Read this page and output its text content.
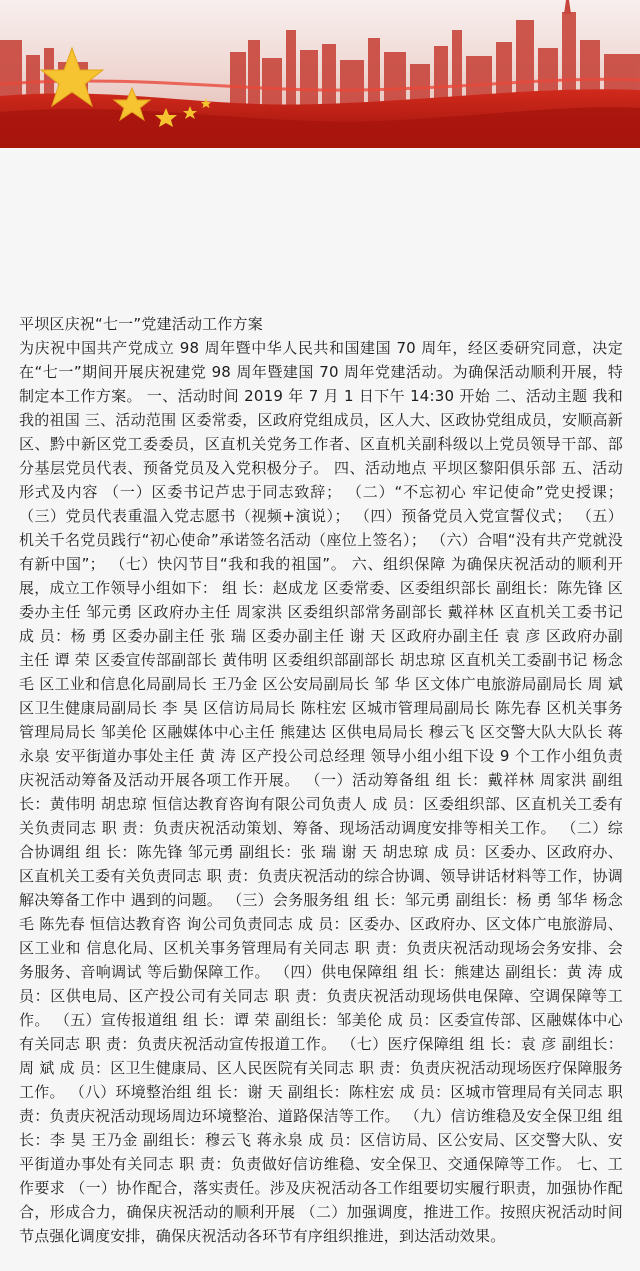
平坝区庆祝“七一”党建活动工作方案

为庆祝中国共产党成立 98 周年暨中华人民共和国建国 70 周年，经区委研究同意，决定在“七一”期间开展庆祝建党 98 周年暨建国 70 周年党建活动。为确保活动顺利开展，特制定本工作方案。 一、活动时间 2019 年 7 月 1 日下午 14:30 开始 二、活动主题 我和我的祖国 三、活动范围 区委常委，区政府党组成员，区人大、区政协党组成员，安顺高新区、黔中新区党工委委员，区直机关党务工作者、区直机关副科级以上党员领导干部、部分基层党员代表、预备党员及入党积极分子。 四、活动地点 平坝区黎阳俱乐部 五、活动形式及内容 （一）区委书记芦忠于同志致辞； （二）“不忘初心 牢记使命”党史授课； （三）党员代表重温入党志愿书（视频+演说）； （四）预备党员入党宣誓仪式； （五）机关千名党员践行“初心使命”承诺签名活动（座位上签名）； （六）合唱“没有共产党就没有新中国”； （七）快闪节目“我和我的祖国”。 六、组织保障 为确保庆祝活动的顺利开展，成立工作领导小组如下： 组 长：赵成龙 区委常委、区委组织部长 副组长：陈先锋 区委办主任 邹元勇 区政府办主任 周家洪 区委组织部常务副部长 戴祥林 区直机关工委书记 成 员：杨 勇 区委办副主任 张 瑞 区委办副主任 谢 天 区政府办副主任 袁 彦 区政府办副主任 谭 荣 区委宣传部副部长 黄伟明 区委组织部副部长 胡忠琼 区直机关工委副书记 杨念毛 区工业和信息化局副局长 王乃金 区公安局副局长 邹 华 区文体广电旅游局副局长 周 斌 区卫生健康局副局长 李 昊 区信访局局长 陈柱宏 区城市管理局副局长 陈先春 区机关事务管理局局长 邹美伦 区融媒体中心主任 熊建达 区供电局局长 穆云飞 区交警大队大队长 蒋永泉 安平街道办事处主任 黄 涛 区产投公司总经理 领导小组小组下设 9 个工作小组负责庆祝活动筹备及活动开展各项工作开展。 （一）活动筹备组 组 长：戴祥林 周家洪 副组长：黄伟明 胡忠琼 恒信达教育咨询有限公司负责人 成 员：区委组织部、区直机关工委有关负责同志 职 责：负责庆祝活动策划、筹备、现场活动调度安排等相关工作。 （二）综合协调组 组 长：陈先锋 邹元勇 副组长：张 瑞 谢 天 胡忠琼 成 员：区委办、区政府办、区直机关工委有关负责同志 职 责：负责庆祝活动的综合协调、领导讲话材料等工作，协调解决筹备工作中 遇到的问题。 （三）会务服务组 组 长：邹元勇 副组长：杨 勇 邹华 杨念毛 陈先春 恒信达教育咨 询公司负责同志 成 员：区委办、区政府办、区文体广电旅游局、区工业和 信息化局、区机关事务管理局有关同志 职 责：负责庆祝活动现场会务安排、会务服务、音响调试 等后勤保障工作。 （四）供电保障组 组 长：熊建达 副组长：黄 涛 成 员：区供电局、区产投公司有关同志 职 责：负责庆祝活动现场供电保障、空调保障等工作。 （五）宣传报道组 组 长：谭 荣 副组长：邹美伦 成 员：区委宣传部、区融媒体中心有关同志 职 责：负责庆祝活动宣传报道工作。 （七）医疗保障组 组 长：袁 彦 副组长：周 斌 成 员：区卫生健康局、区人民医院有关同志 职 责：负责庆祝活动现场医疗保障服务工作。 （八）环境整治组 组 长：谢 天 副组长：陈柱宏 成 员：区城市管理局有关同志 职 责：负责庆祝活动现场周边环境整治、道路保洁等工作。 （九）信访维稳及安全保卫组 组 长：李 昊 王乃金 副组长：穆云飞 蒋永泉 成 员：区信访局、区公安局、区交警大队、安平街道办事处有关同志 职 责：负责做好信访维稳、安全保卫、交通保障等工作。 七、工作要求 （一）协作配合，落实责任。涉及庆祝活动各工作组要切实履行职责，加强协作配合，形成合力，确保庆祝活动的顺利开展 （二）加强调度，推进工作。按照庆祝活动时间节点强化调度安排，确保庆祝活动各环节有序组织推进，到达活动效果。
